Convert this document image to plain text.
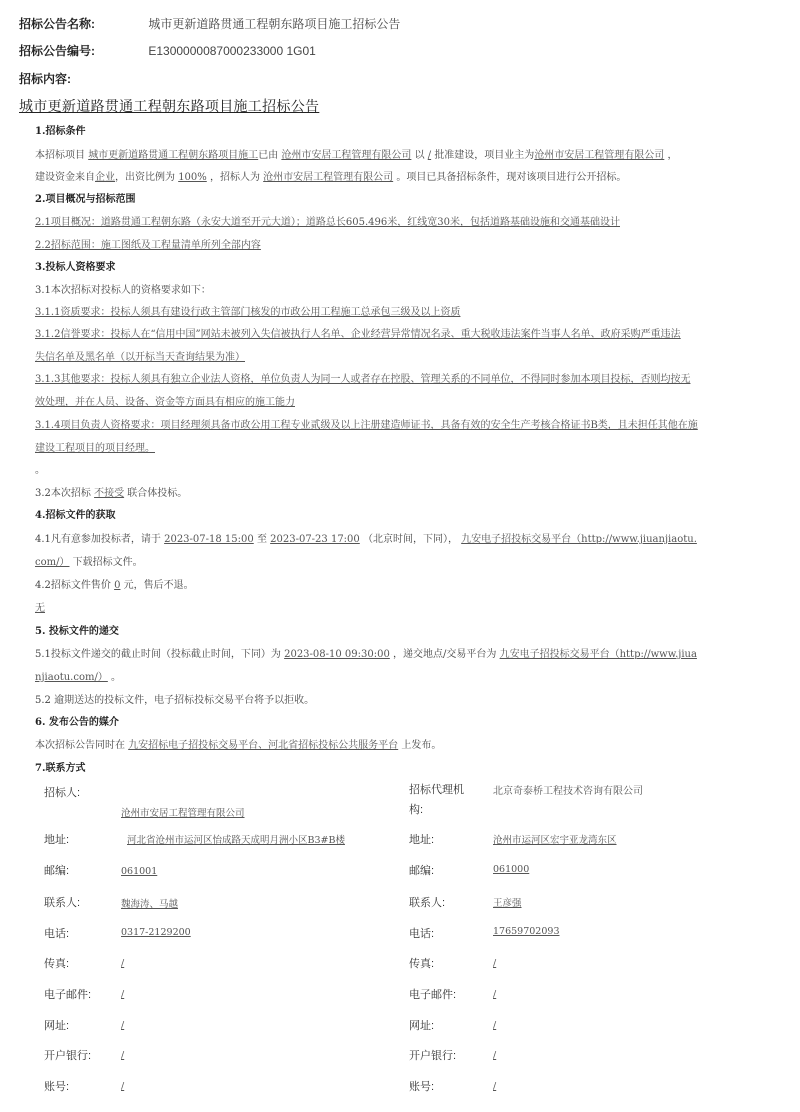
招标公告名称:	城市更新道路贯通工程朝东路项目施工招标公告
招标公告编号:	E1300000087000233000 1G01
招标内容:
城市更新道路贯通工程朝东路项目施工招标公告
1.招标条件
本招标项目 城市更新道路贯通工程朝东路项目施工已由 沧州市安居工程管理有限公司 以 / 批准建设，项目业主为沧州市安居工程管理有限公司 ，
建设资金来自企业，出资比例为 100% ，招标人为 沧州市安居工程管理有限公司 。项目已具备招标条件，现对该项目进行公开招标。
2.项目概况与招标范围
2.1项目概况：道路贯通工程朝东路（永安大道至开元大道）；道路总长605.496米，红线宽30米，包括道路基础设施和交通基础设计
2.2招标范围：施工图纸及工程量清单所列全部内容
3.投标人资格要求
3.1本次招标对投标人的资格要求如下：
3.1.1资质要求：投标人须具有建设行政主管部门核发的市政公用工程施工总承包三级及以上资质
3.1.2信誉要求：投标人在“信用中国”网站未被列入失信被执行人名单、企业经营异常情况名录、重大税收违法案件当事人名单、政府采购严重违法
失信名单及黑名单（以开标当天查询结果为准）
3.1.3其他要求：投标人须具有独立企业法人资格，单位负责人为同一人或者存在控股、管理关系的不同单位，不得同时参加本项目投标，否则均按无
效处理，并在人员、设备、资金等方面具有相应的施工能力
3.1.4项目负责人资格要求：项目经理须具备市政公用工程专业贰级及以上注册建造师证书，具备有效的安全生产考核合格证书B类，且未担任其他在施
建设工程项目的项目经理。
。
3.2本次招标 不接受 联合体投标。
4.招标文件的获取
4.1凡有意参加投标者，请于 2023-07-18 15:00 至 2023-07-23 17:00 （北京时间，下同）， 九安电子招投标交易平台（http://www.jiuanjiaotu.
com/） 下载招标文件。
4.2招标文件售价 0 元，售后不退。
无
5. 投标文件的递交
5.1投标文件递交的截止时间（投标截止时间，下同）为 2023-08-10 09:30:00 ，递交地点/交易平台为 九安电子招投标交易平台（http://www.jiua
njiaotu.com/） 。
5.2 逾期送达的投标文件，电子招标投标交易平台将予以拒收。
6. 发布公告的媒介
本次招标公告同时在 九安招标电子招投标交易平台、河北省招标投标公共服务平台 上发布。
7.联系方式
招标人:
沧州市安居工程管理有限公司
地址:	河北省沧州市运河区怡成路天成明月洲小区B3#B楼
邮编:	061001
联系人:	魏海涛、马越
电话:	0317-2129200
传真:	/
电子邮件:	/
网址:	/
开户银行:	/
账号:	/
招标代理机
构:
北京奇泰桥工程技术咨询有限公司
地址:	沧州市运河区宏宇亚龙湾东区
邮编:	061000
联系人:	王彦强
电话:	17659702093
传真:	/
电子邮件:	/
网址:	/
开户银行:	/
账号:	/
